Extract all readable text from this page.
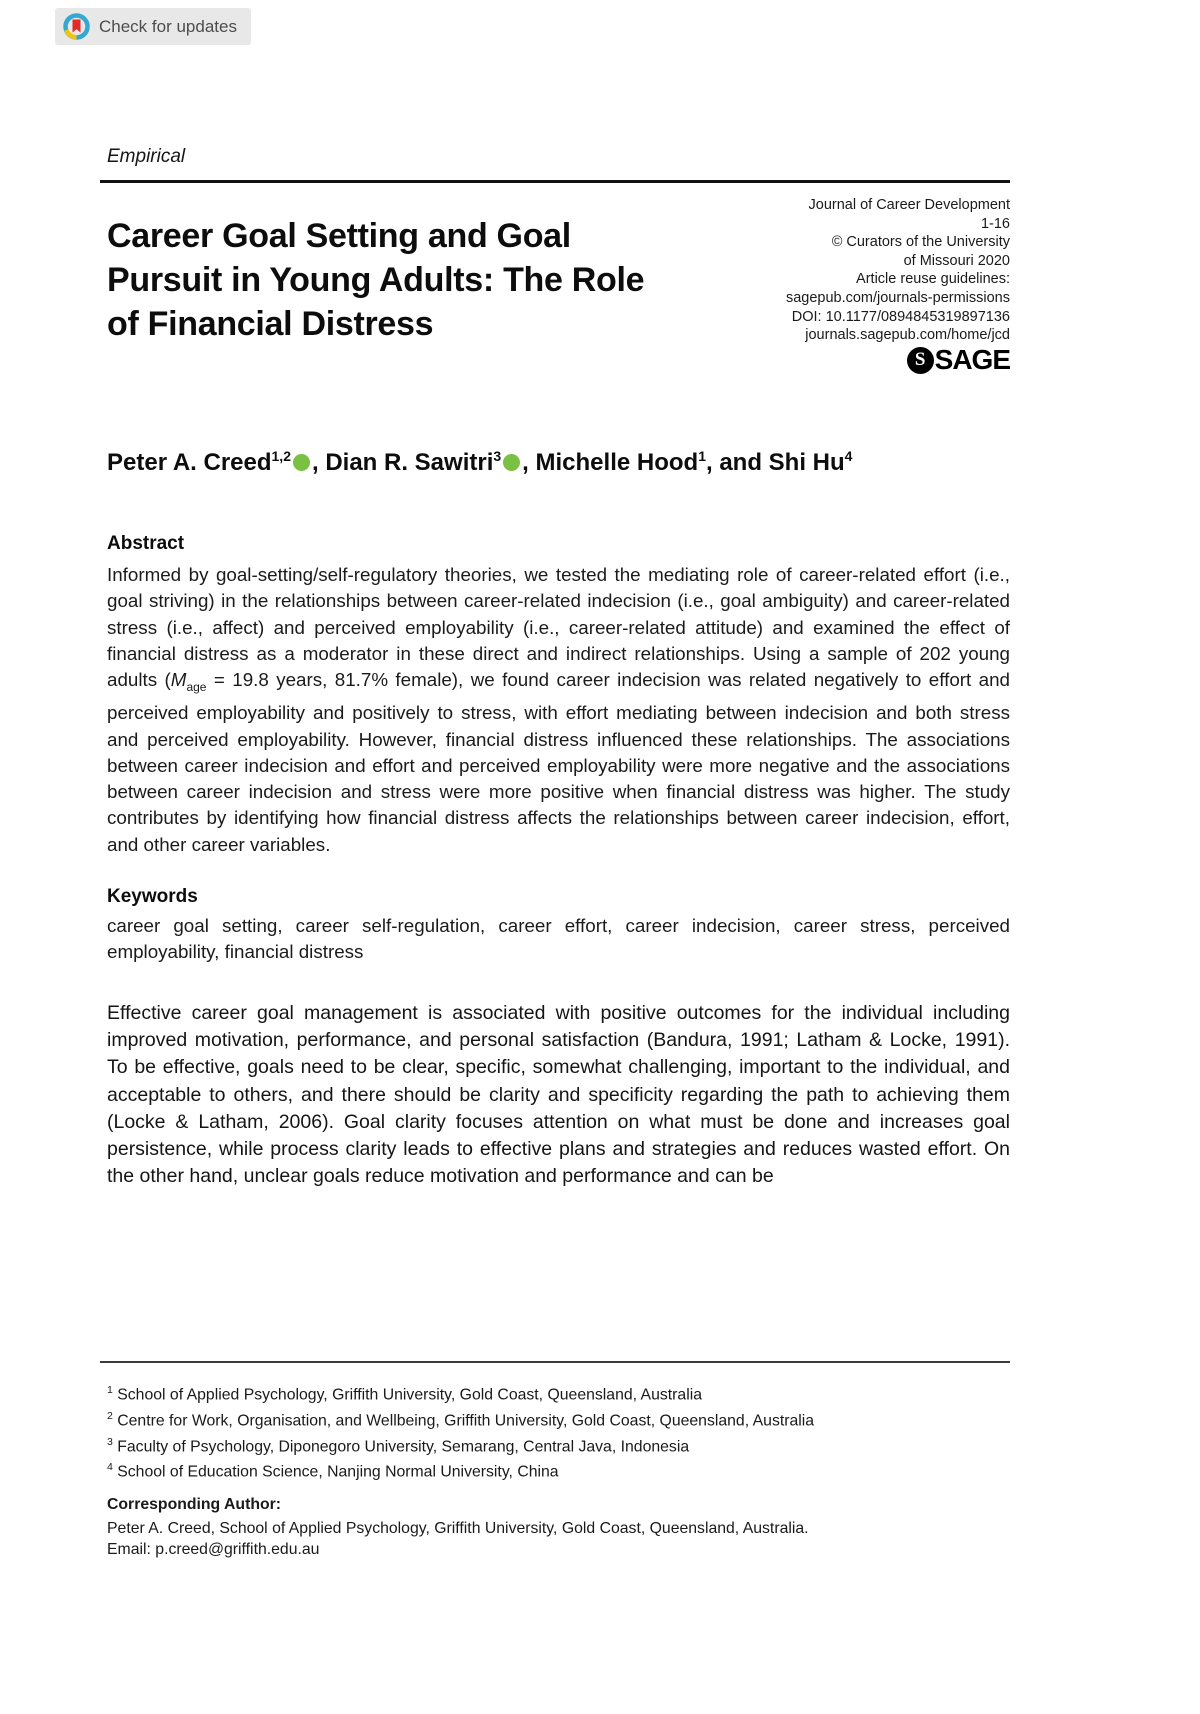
Check for updates
Empirical
Journal of Career Development
1-16
© Curators of the University
of Missouri 2020
Article reuse guidelines:
sagepub.com/journals-permissions
DOI: 10.1177/0894845319897136
journals.sagepub.com/home/jcd
S SAGE
Career Goal Setting and Goal
Pursuit in Young Adults: The Role
of Financial Distress
Peter A. Creed$^{1,2}$ , Dian R. Sawitri$^3$ , Michelle Hood$^1$, and Shi Hu$^4$
Abstract
Informed by goal-setting/self-regulatory theories, we tested the mediating role of career-related effort (i.e., goal striving) in the relationships between career-related indecision (i.e., goal ambiguity) and career-related stress (i.e., affect) and perceived employability (i.e., career-related attitude) and examined the effect of financial distress as a moderator in these direct and indirect relationships. Using a sample of 202 young adults ($M_{age} = 19.8$ years, 81.7% female), we found career indecision was related negatively to effort and perceived employability and positively to stress, with effort mediating between indecision and both stress and perceived employability. However, financial distress influenced these relationships. The associations between career indecision and effort and perceived employability were more negative and the associations between career indecision and stress were more positive when financial distress was higher. The study contributes by identifying how financial distress affects the relationships between career indecision, effort, and other career variables.
Keywords
career goal setting, career self-regulation, career effort, career indecision, career stress, perceived employability, financial distress
Effective career goal management is associated with positive outcomes for the individual including improved motivation, performance, and personal satisfaction (Bandura, 1991; Latham & Locke, 1991). To be effective, goals need to be clear, specific, somewhat challenging, important to the individual, and acceptable to others, and there should be clarity and specificity regarding the path to achieving them (Locke & Latham, 2006). Goal clarity focuses attention on what must be done and increases goal persistence, while process clarity leads to effective plans and strategies and reduces wasted effort. On the other hand, unclear goals reduce motivation and performance and can be
$^1$ School of Applied Psychology, Griffith University, Gold Coast, Queensland, Australia
$^2$ Centre for Work, Organisation, and Wellbeing, Griffith University, Gold Coast, Queensland, Australia
$^3$ Faculty of Psychology, Diponegoro University, Semarang, Central Java, Indonesia
$^4$ School of Education Science, Nanjing Normal University, China
Corresponding Author:
Peter A. Creed, School of Applied Psychology, Griffith University, Gold Coast, Queensland, Australia.
Email: p.creed@griffith.edu.au
